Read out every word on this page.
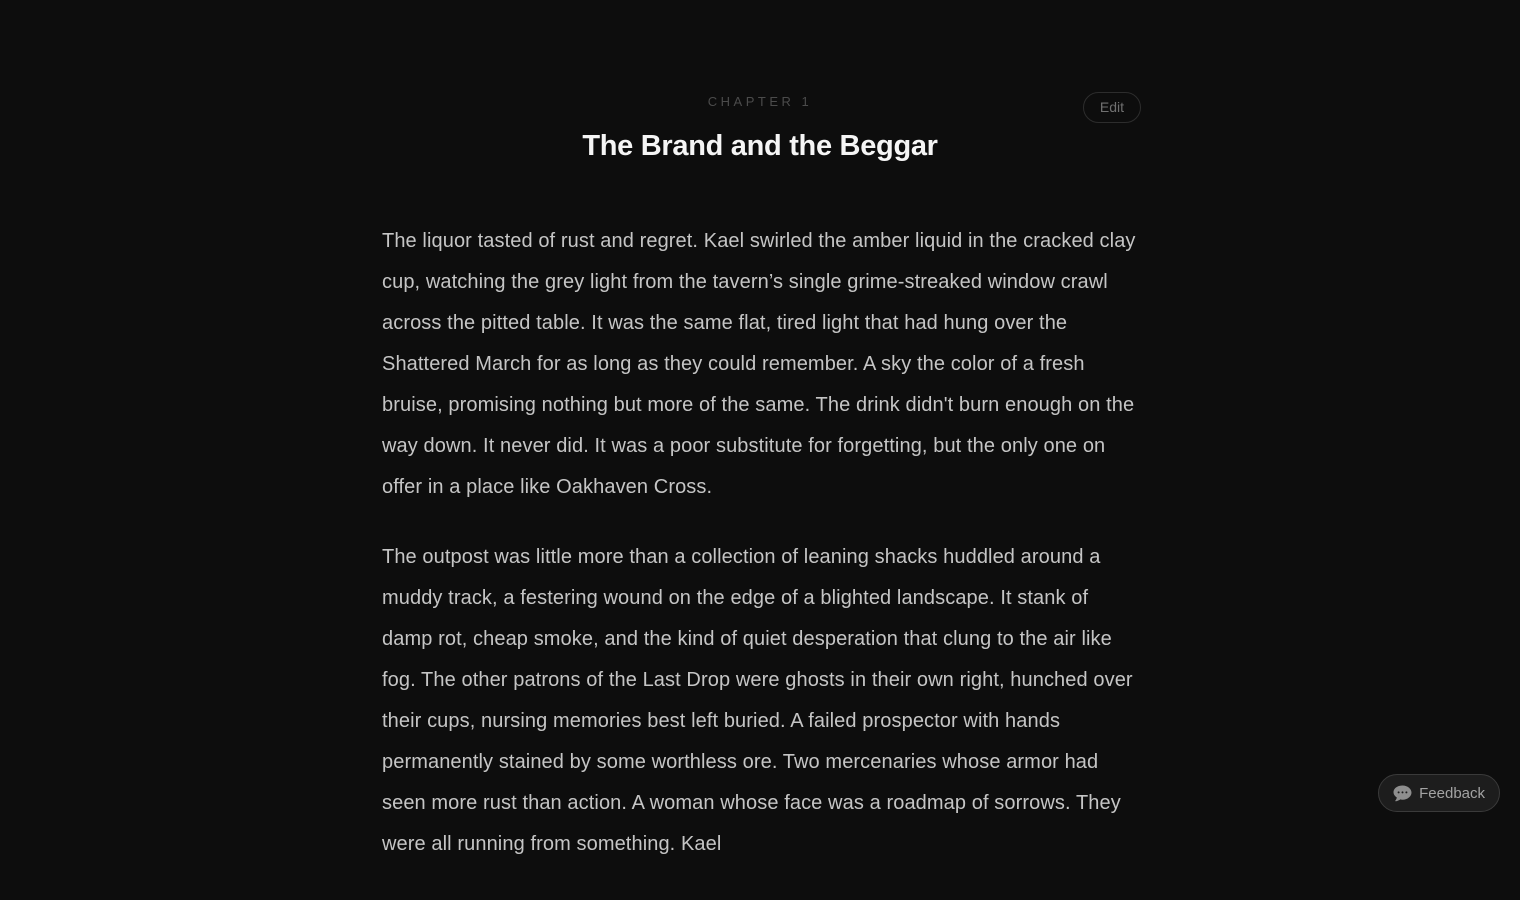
CHAPTER 1	Edit
The Brand and the Beggar

The liquor tasted of rust and regret. Kael swirled the amber liquid in the cracked clay cup, watching the grey light from the tavern’s single grime-streaked window crawl across the pitted table. It was the same flat, tired light that had hung over the Shattered March for as long as they could remember. A sky the color of a fresh bruise, promising nothing but more of the same. The drink didn't burn enough on the way down. It never did. It was a poor substitute for forgetting, but the only one on offer in a place like Oakhaven Cross.

The outpost was little more than a collection of leaning shacks huddled around a muddy track, a festering wound on the edge of a blighted landscape. It stank of damp rot, cheap smoke, and the kind of quiet desperation that clung to the air like fog. The other patrons of the Last Drop were ghosts in their own right, hunched over their cups, nursing memories best left buried. A failed prospector with hands permanently stained by some worthless ore. Two mercenaries whose armor had seen more rust than action. A woman whose face was a roadmap of sorrows. They were all running from something. Kael

Feedback
